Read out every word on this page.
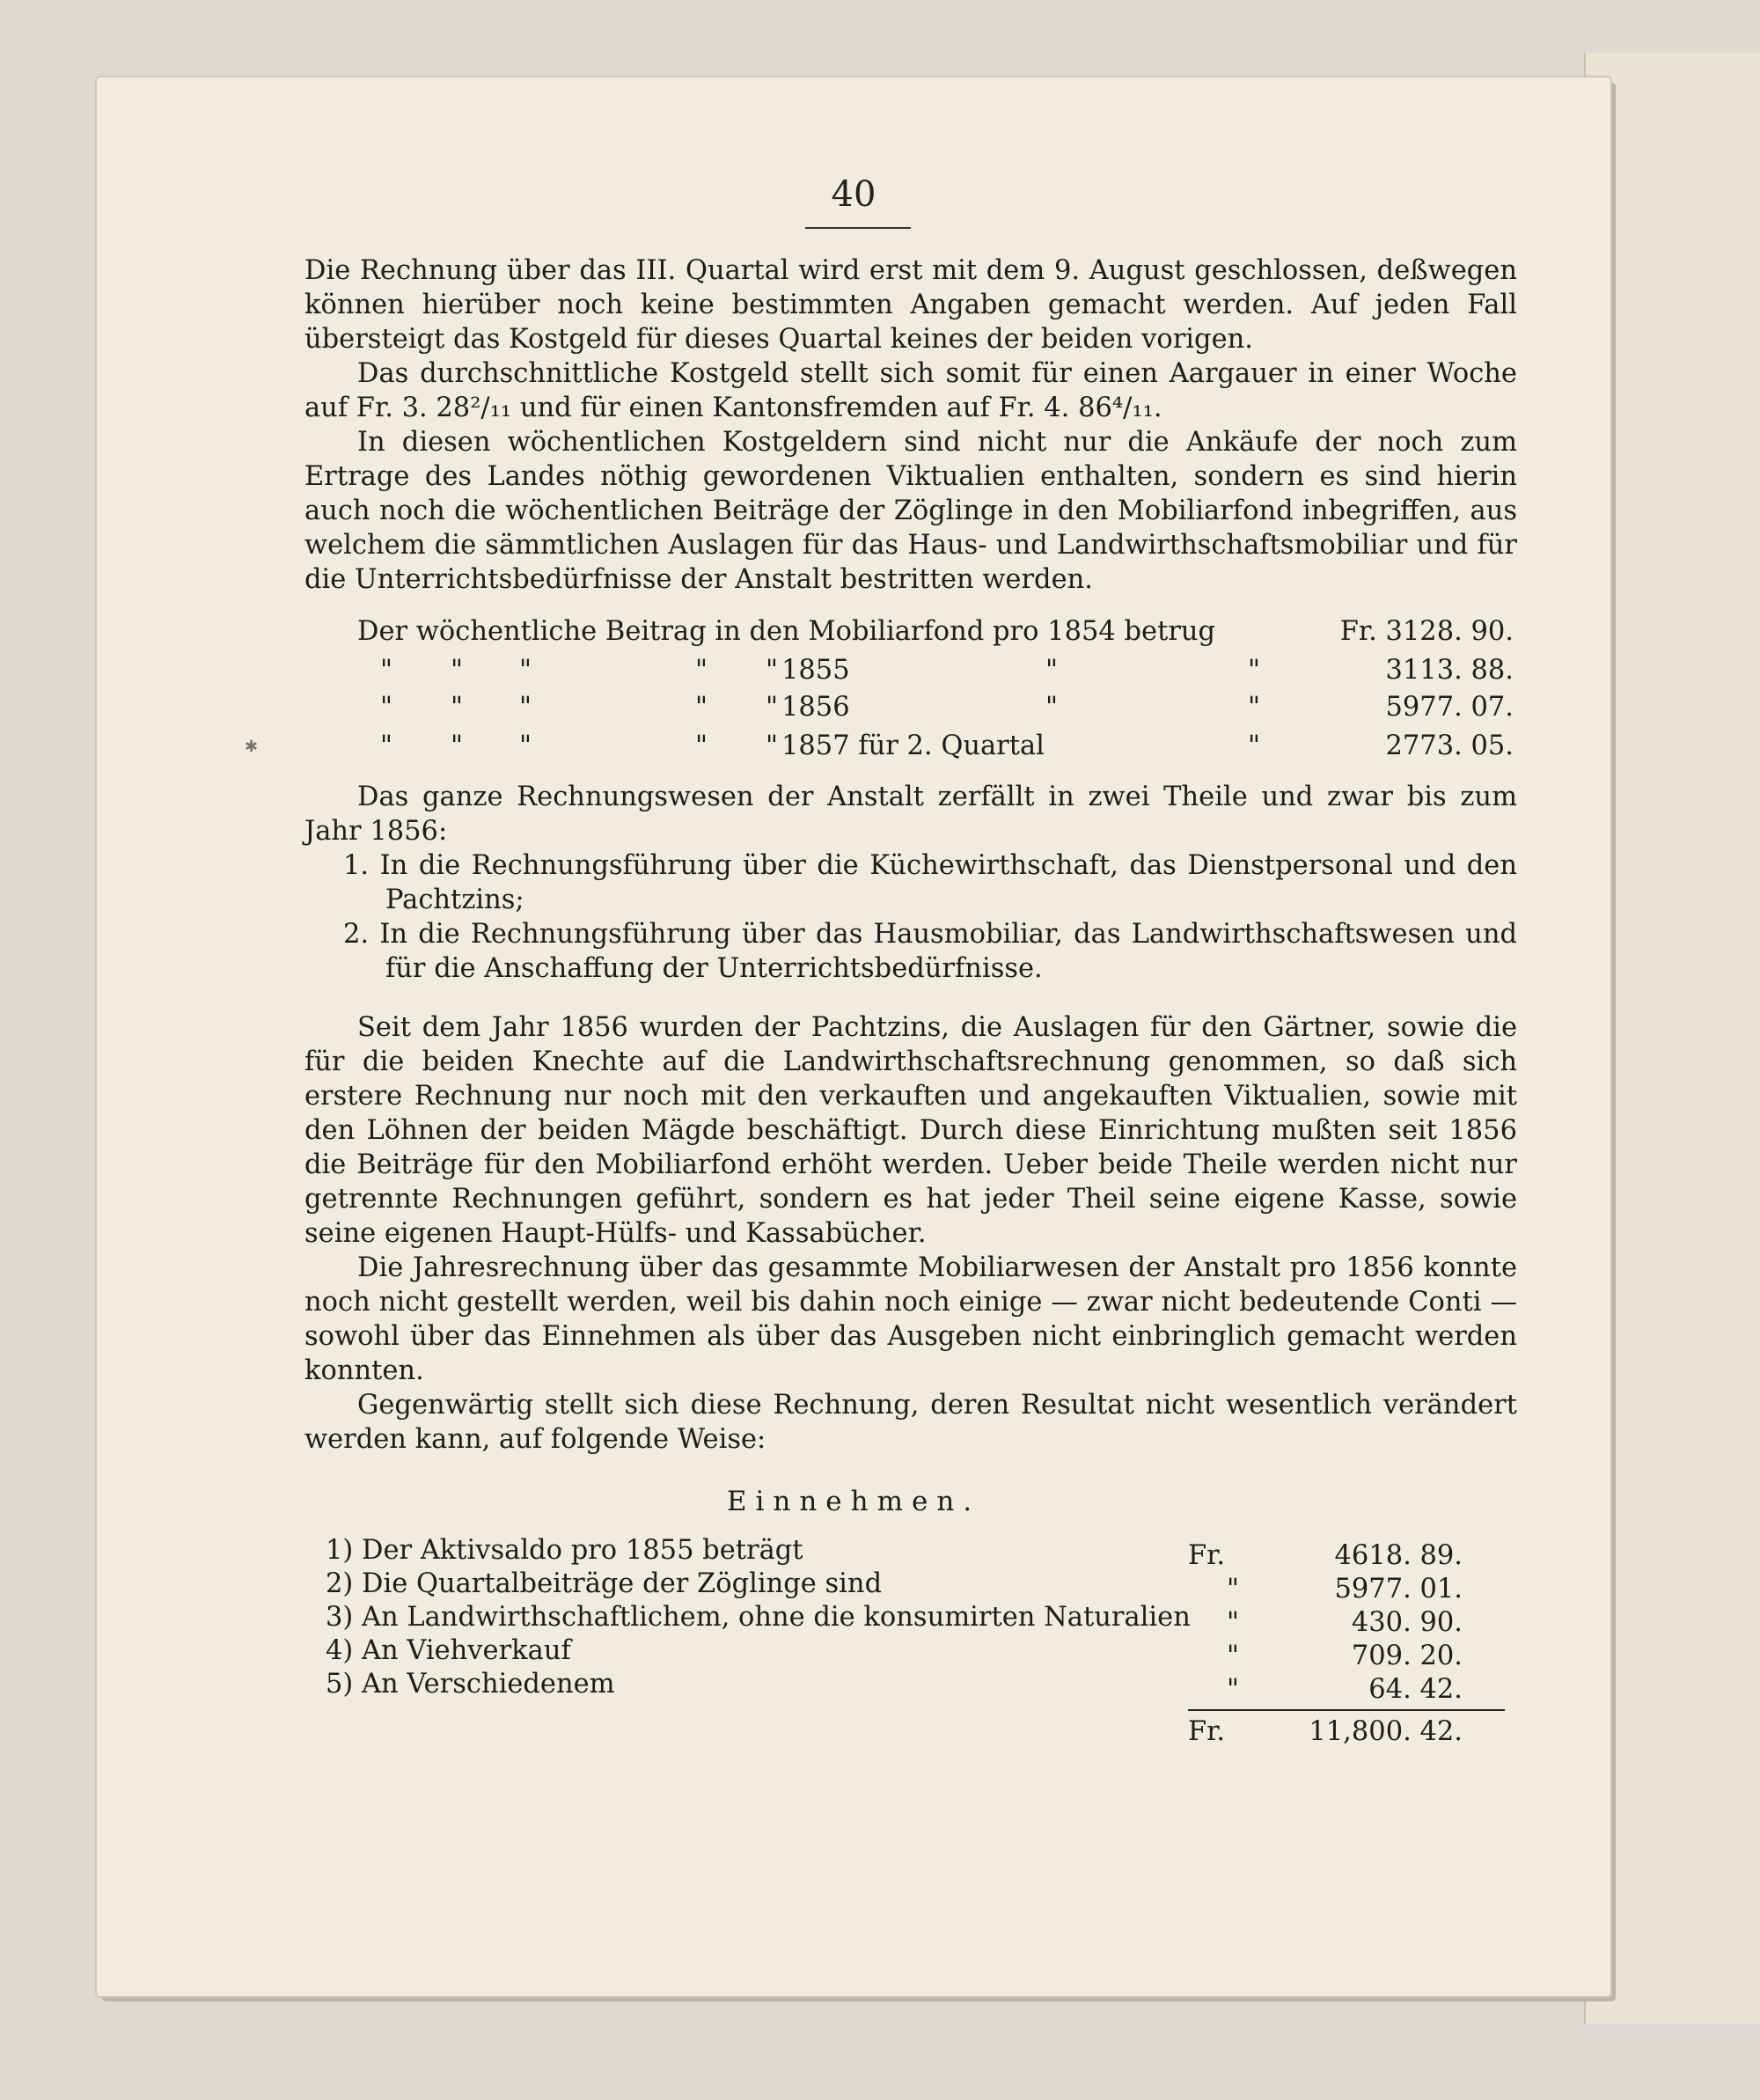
40

Die Rechnung über das III. Quartal wird erst mit dem 9. August geschlossen, deßwegen können hierüber noch keine bestimmten Angaben gemacht werden. Auf jeden Fall übersteigt das Kostgeld für dieses Quartal keines der beiden vorigen.

Das durchschnittliche Kostgeld stellt sich somit für einen Aargauer in einer Woche auf Fr. 3. 28²/₁₁ und für einen Kantonsfremden auf Fr. 4. 86⁴/₁₁.

In diesen wöchentlichen Kostgeldern sind nicht nur die Ankäufe der noch zum Ertrage des Landes nöthig gewordenen Viktualien enthalten, sondern es sind hierin auch noch die wöchentlichen Beiträge der Zöglinge in den Mobiliarfond inbegriffen, aus welchem die sämmtlichen Auslagen für das Haus- und Landwirthschaftsmobiliar und für die Unterrichtsbedürfnisse der Anstalt bestritten werden.

Der wöchentliche Beitrag in den Mobiliarfond pro 1854 betrug	Fr. 3128. 90.
" " "	" " 1855	"	"	3113. 88.
" " "	" " 1856	"	"	5977. 07.
" " "	" " 1857 für 2. Quartal	"	2773. 05.
✱

Das ganze Rechnungswesen der Anstalt zerfällt in zwei Theile und zwar bis zum Jahr 1856:

1. In die Rechnungsführung über die Küchewirthschaft, das Dienstpersonal und den Pachtzins;

2. In die Rechnungsführung über das Hausmobiliar, das Landwirthschaftswesen und für die Anschaffung der Unterrichtsbedürfnisse.

Seit dem Jahr 1856 wurden der Pachtzins, die Auslagen für den Gärtner, sowie die für die beiden Knechte auf die Landwirthschaftsrechnung genommen, so daß sich erstere Rechnung nur noch mit den verkauften und angekauften Viktualien, sowie mit den Löhnen der beiden Mägde beschäftigt. Durch diese Einrichtung mußten seit 1856 die Beiträge für den Mobiliarfond erhöht werden. Ueber beide Theile werden nicht nur getrennte Rechnungen geführt, sondern es hat jeder Theil seine eigene Kasse, sowie seine eigenen Haupt-Hülfs- und Kassabücher.

Die Jahresrechnung über das gesammte Mobiliarwesen der Anstalt pro 1856 konnte noch nicht gestellt werden, weil bis dahin noch einige — zwar nicht bedeutende Conti — sowohl über das Einnehmen als über das Ausgeben nicht einbringlich gemacht werden konnten.

Gegenwärtig stellt sich diese Rechnung, deren Resultat nicht wesentlich verändert werden kann, auf folgende Weise:

Einnehmen.
1) Der Aktivsaldo pro 1855 beträgt	Fr.	4618. 89.
2) Die Quartalbeiträge der Zöglinge sind	"	5977. 01.
3) An Landwirthschaftlichem, ohne die konsumirten Naturalien "	430. 90.
4) An Viehverkauf	"	709. 20.
5) An Verschiedenem	"	64. 42.
Fr.	11,800. 42.
